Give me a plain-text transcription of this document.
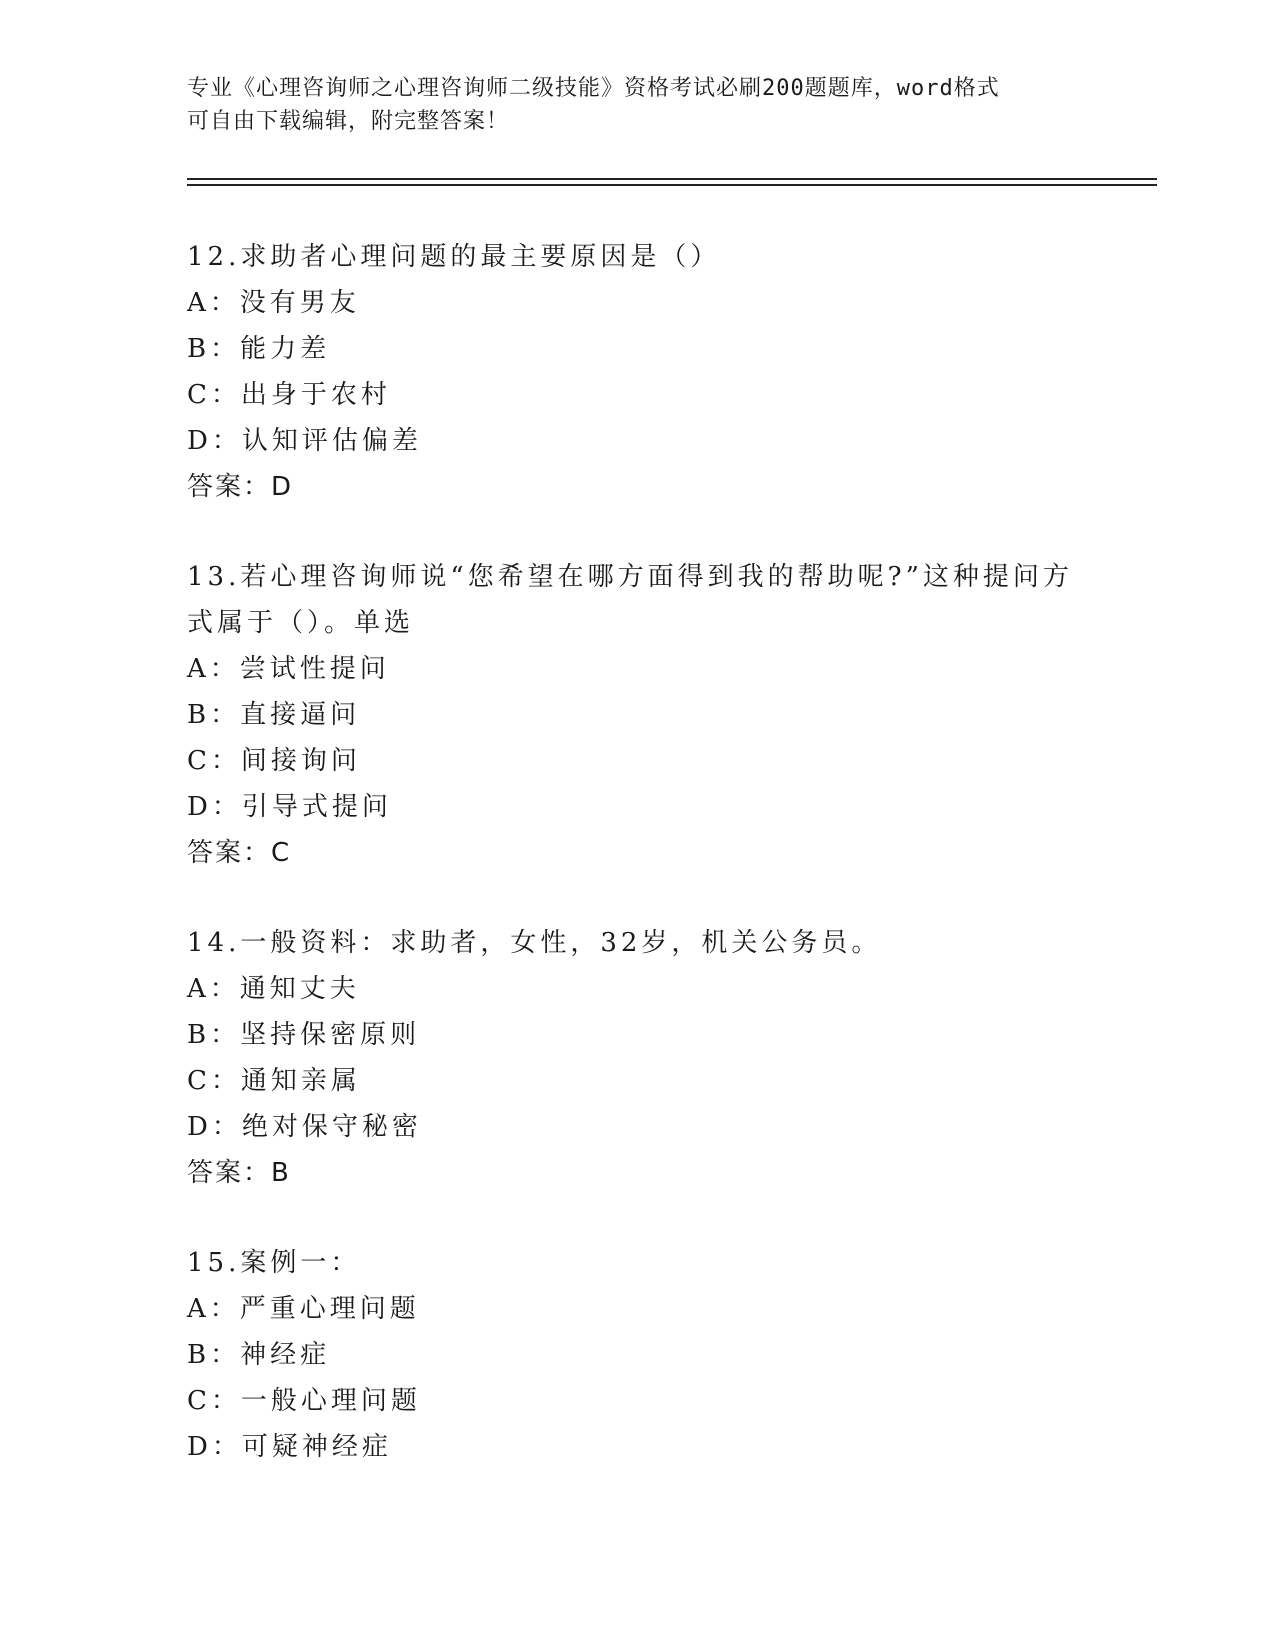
专业《心理咨询师之心理咨询师二级技能》资格考试必刷200题题库，word格式
可自由下载编辑，附完整答案！
12.求助者心理问题的最主要原因是（）
A：没有男友
B：能力差
C：出身于农村
D：认知评估偏差
答案：D
13.若心理咨询师说“您希望在哪方面得到我的帮助呢?”这种提问方
式属于（）。单选
A：尝试性提问
B：直接逼问
C：间接询问
D：引导式提问
答案：C
14.一般资料：求助者，女性，32岁，机关公务员。
A：通知丈夫
B：坚持保密原则
C：通知亲属
D：绝对保守秘密
答案：B
15.案例一：
A：严重心理问题
B：神经症
C：一般心理问题
D：可疑神经症
